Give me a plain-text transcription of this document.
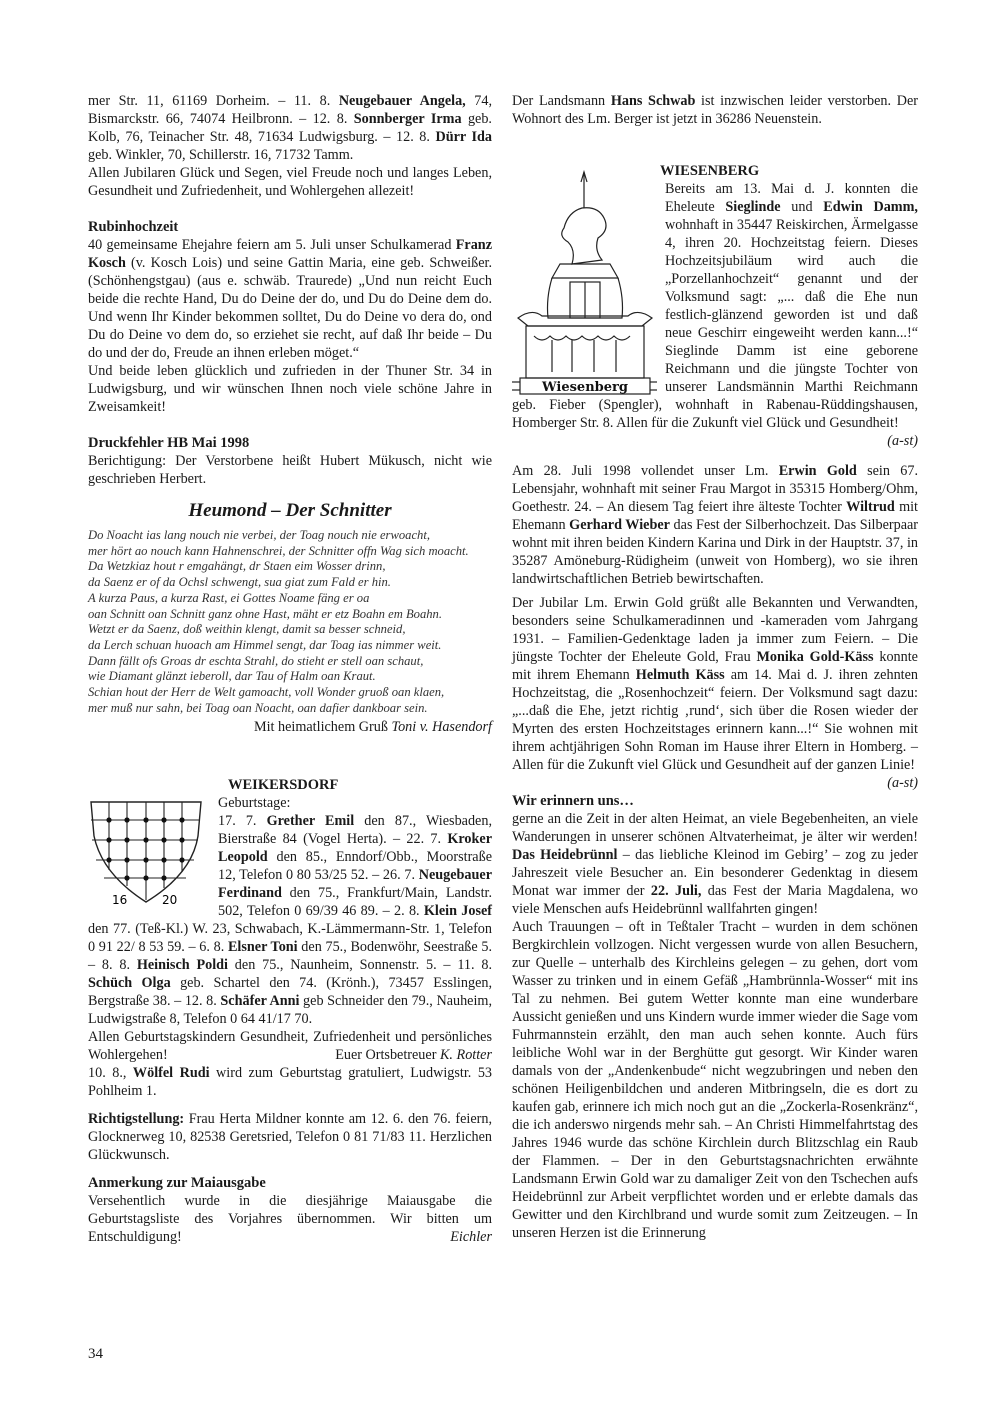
mer Str. 11, 61169 Dorheim. – 11. 8. Neugebauer Angela, 74, Bismarckstr. 66, 74074 Heilbronn. – 12. 8. Sonnberger Irma geb. Kolb, 76, Teinacher Str. 48, 71634 Ludwigsburg. – 12. 8. Dürr Ida geb. Winkler, 70, Schillerstr. 16, 71732 Tamm.

Allen Jubilaren Glück und Segen, viel Freude noch und langes Leben, Gesundheit und Zufriedenheit, und Wohlergehen allezeit!

Rubinhochzeit

40 gemeinsame Ehejahre feiern am 5. Juli unser Schulkamerad Franz Kosch (v. Kosch Lois) und seine Gattin Maria, eine geb. Schweißer. (Schönhengstgau) (aus e. schwäb. Traurede) „Und nun reicht Euch beide die rechte Hand, Du do Deine der do, und Du do Deine dem do. Und wenn Ihr Kinder bekommen solltet, Du do Deine vo dera do, ond Du do Deine vo dem do, so erziehet sie recht, auf daß Ihr beide – Du do und der do, Freude an ihnen erleben möget.“

Und beide leben glücklich und zufrieden in der Thuner Str. 34 in Ludwigsburg, und wir wünschen Ihnen noch viele schöne Jahre in Zweisamkeit!

Druckfehler HB Mai 1998

Berichtigung: Der Verstorbene heißt Hubert Mükusch, nicht wie geschrieben Herbert.

Heumond – Der Schnitter
Do Noacht ias lang nouch nie verbei, der Toag nouch nie erwoacht,
mer hört ao nouch kann Hahnenschrei, der Schnitter offn Wag sich moacht.
Da Wetzkiaz hout r emgahängt, dr Staen eim Wosser drinn,
da Saenz er of da Ochsl schwengt, sua giat zum Fald er hin.
A kurza Paus, a kurza Rast, ei Gottes Noame fäng er oa
oan Schnitt oan Schnitt ganz ohne Hast, mäht er etz Boahn em Boahn.
Wetzt er da Saenz, doß weithin klengt, damit sa besser schneid,
da Lerch schuan huoach am Himmel sengt, dar Toag ias nimmer weit.
Dann fällt ofs Groas dr eschta Strahl, do stieht er stell oan schaut,
wie Diamant glänzt ieberoll, dar Tau of Halm oan Kraut.
Schian hout der Herr de Welt gamoacht, voll Wonder gruoß oan klaen,
mer muß nur sahn, bei Toag oan Noacht, oan dafier dankboar sein.
Mit heimatlichem Gruß Toni v. Hasendorf
WEIKERSDORF
16	20

Geburtstage:

17. 7. Grether Emil den 87., Wiesbaden, Bierstraße 84 (Vogel Herta). – 22. 7. Kroker Leopold den 85., Enndorf/Obb., Moorstraße 12, Telefon 0 80 53/25 52. – 26. 7. Neugebauer Ferdinand den 75., Frankfurt/Main, Landstr. 502, Telefon 0 69/39 46 89. – 2. 8. Klein Josef den 77. (Teß-Kl.) W. 23, Schwabach, K.-Lämmermann-Str. 1, Telefon 0 91 22/ 8 53 59. – 6. 8. Elsner Toni den 75., Bodenwöhr, Seestraße 5. – 8. 8. Heinisch Poldi den 75., Naunheim, Sonnenstr. 5. – 11. 8. Schüch Olga geb. Schartel den 74. (Krönh.), 73457 Esslingen, Bergstraße 38. – 12. 8. Schäfer Anni geb Schneider den 79., Nauheim, Ludwigstraße 8, Telefon 0 64 41/17 70.

Allen Geburtstagskindern Gesundheit, Zufriedenheit und persönliches Wohlergehen!	Euer Ortsbetreuer K. Rotter

10. 8., Wölfel Rudi wird zum Geburtstag gratuliert, Ludwigstr. 53 Pohlheim 1.

Richtigstellung: Frau Herta Mildner konnte am 12. 6. den 76. feiern, Glocknerweg 10, 82538 Geretsried, Telefon 0 81 71/83 11. Herzlichen Glückwunsch.

Anmerkung zur Maiausgabe

Versehentlich wurde in die diesjährige Maiausgabe die Geburtstagsliste des Vorjahres übernommen. Wir bitten um Entschuldigung!	Eichler

34

Der Landsmann Hans Schwab ist inzwischen leider verstorben. Der Wohnort des Lm. Berger ist jetzt in 36286 Neuenstein.

WIESENBERG
Wiesenberg

Bereits am 13. Mai d. J. konnten die Eheleute Sieglinde und Edwin Damm, wohnhaft in 35447 Reiskirchen, Ärmelgasse 4, ihren 20. Hochzeitstag feiern. Dieses Hochzeitsjubiläum wird auch die „Porzellanhochzeit“ genannt und der Volksmund sagt: „... daß die Ehe nun festlich-glänzend geworden ist und daß neue Geschirr eingeweiht werden kann...!“ Sieglinde Damm ist eine geborene Reichmann und die jüngste Tochter von unserer Landsmännin Marthi Reichmann geb. Fieber (Spengler), wohnhaft in Rabenau-Rüddingshausen, Homberger Str. 8. Allen für die Zukunft viel Glück und Gesundheit!
(a-st)

Am 28. Juli 1998 vollendet unser Lm. Erwin Gold sein 67. Lebensjahr, wohnhaft mit seiner Frau Margot in 35315 Homberg/Ohm, Goethestr. 24. – An diesem Tag feiert ihre älteste Tochter Wiltrud mit Ehemann Gerhard Wieber das Fest der Silberhochzeit. Das Silberpaar wohnt mit ihren beiden Kindern Karina und Dirk in der Hauptstr. 37, in 35287 Amöneburg-Rüdigheim (unweit von Homberg), wo sie ihren landwirtschaftlichen Betrieb bewirtschaften.

Der Jubilar Lm. Erwin Gold grüßt alle Bekannten und Verwandten, besonders seine Schulkameradinnen und -kameraden vom Jahrgang 1931. – Familien-Gedenktage laden ja immer zum Feiern. – Die jüngste Tochter der Eheleute Gold, Frau Monika Gold-Käss konnte mit ihrem Ehemann Helmuth Käss am 14. Mai d. J. ihren zehnten Hochzeitstag, die „Rosenhochzeit“ feiern. Der Volksmund sagt dazu: „...daß die Ehe, jetzt richtig ‚rund‘, sich über die Rosen wieder der Myrten des ersten Hochzeitstages erinnern kann...!“ Sie wohnen mit ihrem achtjährigen Sohn Roman im Hause ihrer Eltern in Homberg. – Allen für die Zukunft viel Glück und Gesundheit auf der ganzen Linie!
(a-st)

Wir erinnern uns…

gerne an die Zeit in der alten Heimat, an viele Begebenheiten, an viele Wanderungen in unserer schönen Altvaterheimat, je älter wir werden! Das Heidebrünnl – das liebliche Kleinod im Gebirg’ – zog zu jeder Jahreszeit viele Besucher an. Ein besonderer Gedenktag in diesem Monat war immer der 22. Juli, das Fest der Maria Magdalena, wo viele Menschen aufs Heidebrünnl wallfahrten gingen!

Auch Trauungen – oft in Teßtaler Tracht – wurden in dem schönen Bergkirchlein vollzogen. Nicht vergessen wurde von allen Besuchern, zur Quelle – unterhalb des Kirchleins gelegen – zu gehen, dort vom Wasser zu trinken und in einem Gefäß „Hambrünnla-Wosser“ mit ins Tal zu nehmen. Bei gutem Wetter konnte man eine wunderbare Aussicht genießen und uns Kindern wurde immer wieder die Sage vom Fuhrmannstein erzählt, den man auch sehen konnte. Auch fürs leibliche Wohl war in der Berghütte gut gesorgt. Wir Kinder waren damals von der „Andenkenbude“ nicht wegzubringen und neben den schönen Heiligenbildchen und anderen Mitbringseln, die es dort zu kaufen gab, erinnere ich mich noch gut an die „Zockerla-Rosenkränz“, die ich anderswo nirgends mehr sah. – An Christi Himmelfahrtstag des Jahres 1946 wurde das schöne Kirchlein durch Blitzschlag ein Raub der Flammen. – Der in den Geburtstagsnachrichten erwähnte Landsmann Erwin Gold war zu damaliger Zeit von den Tschechen aufs Heidebrünnl zur Arbeit verpflichtet worden und er erlebte damals das Gewitter und den Kirchlbrand und wurde somit zum Zeitzeugen. – In unseren Herzen ist die Erinnerung
